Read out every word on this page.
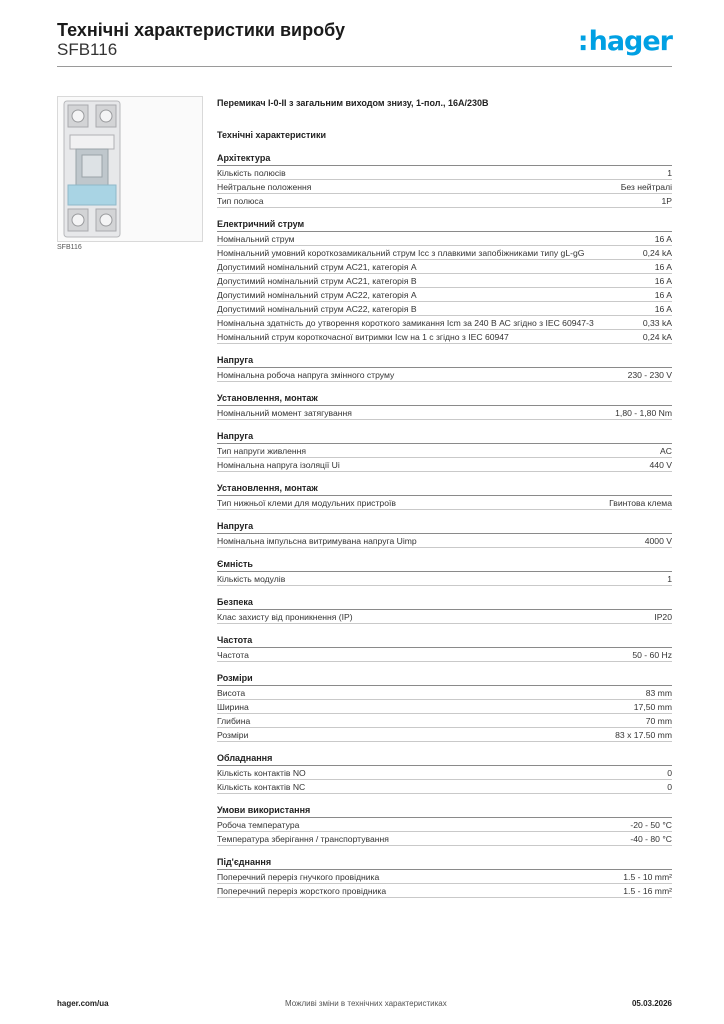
Технічні характеристики виробу
SFB116	:hager
SFB116
Перемикач I-0-II з загальним виходом знизу, 1-пол., 16А/230В
Технічні характеристики
Архітектура
Кількість полюсів	1
Нейтральне положення	Без нейтралі
Тип полюса	1P
Електричний струм
Номінальний струм	16 A
Номінальний умовний короткозамикальний струм Icc з плавкими запобіжниками типу gL-gG	0,24 kA
Допустимий номінальний струм AC21, категорія A	16 A
Допустимий номінальний струм AC21, категорія B	16 A
Допустимий номінальний струм AC22, категорія A	16 A
Допустимий номінальний струм AC22, категорія B	16 A
Номінальна здатність до утворення короткого замикання Icm за 240 В АС згідно з IEC 60947-3	0,33 kA
Номінальний струм короткочасної витримки Icw на 1 с згідно з IEC 60947	0,24 kA
Напруга
Номінальна робоча напруга змінного струму	230 - 230 V
Установлення, монтаж
Номінальний момент затягування	1,80 - 1,80 Nm
Напруга
Тип напруги живлення	AC
Номінальна напруга ізоляції Ui	440 V
Установлення, монтаж
Тип нижньої клеми для модульних пристроїв	Гвинтова клема
Напруга
Номінальна імпульсна витримувана напруга Uimp	4000 V
Ємність
Кількість модулів	1
Безпека
Клас захисту від проникнення (IP)	IP20
Частота
Частота	50 - 60 Hz
Розміри
Висота	83 mm
Ширина	17,50 mm
Глибина	70 mm
Розміри	83 x 17.50 mm
Обладнання
Кількість контактів NO	0
Кількість контактів NC	0
Умови використання
Робоча температура	-20 - 50 °C
Температура зберігання / транспортування	-40 - 80 °C
Під'єднання
Поперечний переріз гнучкого провідника	1.5 - 10 mm²
Поперечний переріз жорсткого провідника	1.5 - 16 mm²
hager.com/ua	Можливі зміни в технічних характеристиках	05.03.2026
